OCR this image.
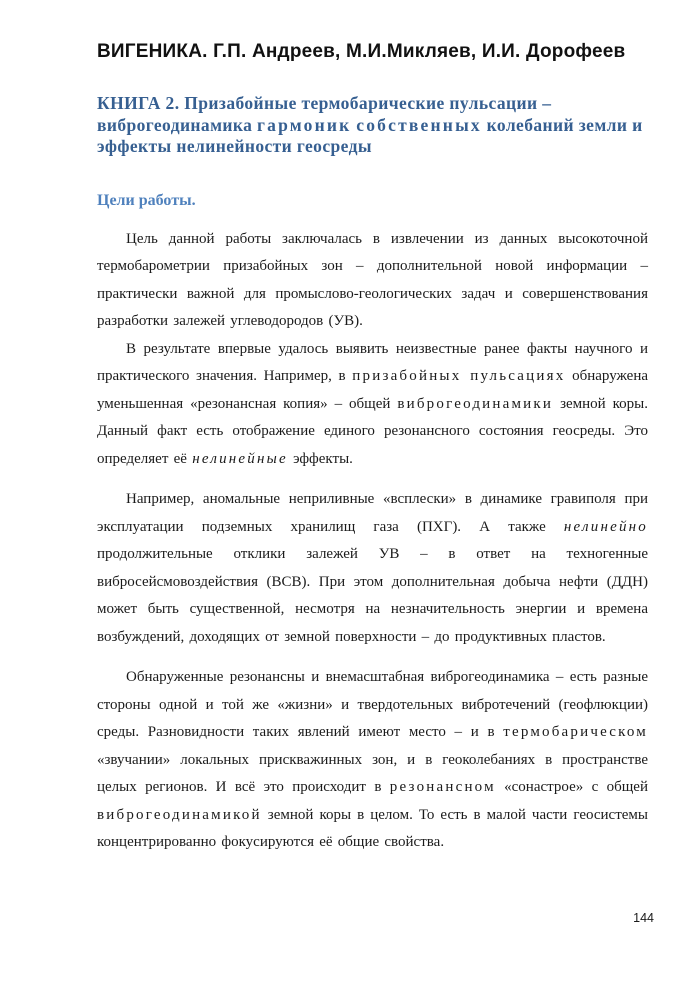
ВИГЕНИКА. Г.П. Андреев, М.И.Микляев, И.И. Дорофеев
КНИГА 2. Призабойные термобарические пульсации – виброгеодинамика гармоник собственных колебаний земли и эффекты нелинейности геосреды
Цели работы.

Цель данной работы заключалась в извлечении из данных высокоточной термобарометрии призабойных зон – дополнительной новой информации – практически важной для промыслово-геологических задач и совершенствования разработки залежей углеводородов (УВ).

В результате впервые удалось выявить неизвестные ранее факты научного и практического значения. Например, в призабойных пульсациях обнаружена уменьшенная «резонансная копия» – общей виброгеодинамики земной коры. Данный факт есть отображение единого резонансного состояния геосреды. Это определяет её нелинейные эффекты.

Например, аномальные неприливные «всплески» в динамике гравиполя при эксплуатации подземных хранилищ газа (ПХГ). А также нелинейно продолжительные отклики залежей УВ – в ответ на техногенные вибросейсмовоздействия (ВСВ). При этом дополнительная добыча нефти (ДДН) может быть существенной, несмотря на незначительность энергии и времена возбуждений, доходящих от земной поверхности – до продуктивных пластов.

Обнаруженные резонансны и внемасштабная виброгеодинамика – есть разные стороны одной и той же «жизни» и твердотельных вибротечений (геофлюкции) среды. Разновидности таких явлений имеют место – и в термобарическом «звучании» локальных прискважинных зон, и в геоколебаниях в пространстве целых регионов. И всё это происходит в резонансном «сонастрое» с общей виброгеодинамикой земной коры в целом. То есть в малой части геосистемы концентрированно фокусируются её общие свойства.

144
